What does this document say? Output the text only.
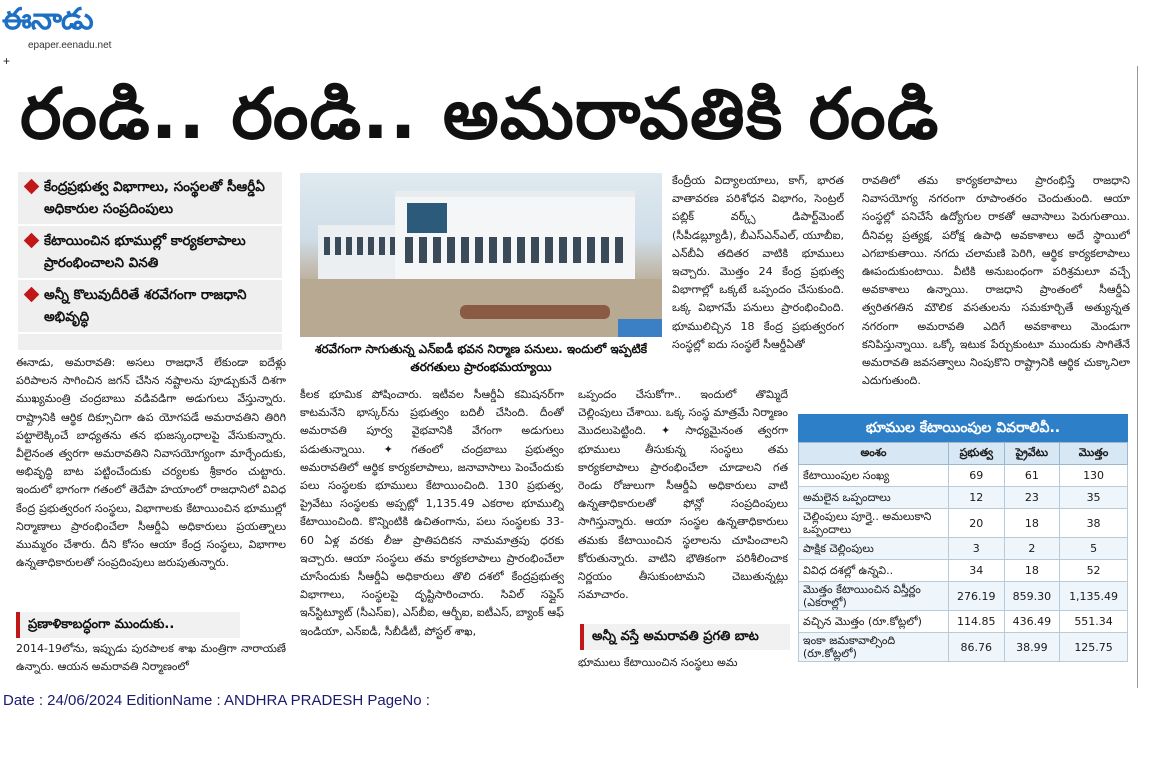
ఈనాడు
epaper.eenadu.net
+
రండి.. రండి.. అమరావతికి రండి
కేంద్రప్రభుత్వ విభాగాలు, సంస్థలతో సీఆర్డీఏ అధికారుల సంప్రదింపులు
కేటాయించిన భూముల్లో కార్యకలాపాలు ప్రారంభించాలని వినతి
అన్నీ కొలువుదీరితే శరవేగంగా రాజధాని అభివృద్ధి
శరవేగంగా సాగుతున్న ఎన్ఐడీ భవన నిర్మాణ పనులు. ఇందులో ఇప్పటికే తరగతులు ప్రారంభమయ్యాయి

ఈనాడు, అమరావతి: అసలు రాజధానే లేకుండా ఐదేళ్లు పరిపాలన సాగించిన జగన్ చేసిన నష్టాలను పూడ్చుకునే దిశగా ముఖ్యమంత్రి చంద్రబాబు వడివడిగా అడుగులు వేస్తున్నారు. రాష్ట్రానికి ఆర్థిక దిక్సూచిగా ఉప యోగపడే అమరావతిని తిరిగి పట్టాలెక్కించే బాధ్యతను తన భుజస్కంధాలపై వేసుకున్నారు. వీలైనంత త్వరగా అమరావతిని నివాసయోగ్యంగా మార్చేందుకు, అభివృద్ధి బాట పట్టించేందుకు చర్యలకు శ్రీకారం చుట్టారు. ఇందులో భాగంగా గతంలో తెదేపా హయాంలో రాజధానిలో వివిధ కేంద్ర ప్రభుత్వరంగ సంస్థలు, విభాగాలకు కేటాయించిన భూముల్లో నిర్మాణాలు ప్రారంభించేలా సీఆర్డీఏ అధికారులు ప్రయత్నాలు ముమ్మరం చేశారు. దీని కోసం ఆయా కేంద్ర సంస్థలు, విభాగాల ఉన్నతాధికారులతో సంప్రదింపులు జరుపుతున్నారు.

ప్రణాళికాబద్ధంగా ముందుకు..

2014-19లోను, ఇప్పుడు పురపాలక శాఖ మంత్రిగా నారాయణే ఉన్నారు. ఆయన అమరావతి నిర్మాణంలో

కీలక భూమిక పోషించారు. ఇటీవల సీఆర్డీఏ కమిషనర్‌గా కాటమనేని భాస్కర్‌ను ప్రభుత్వం బదిలీ చేసింది. దీంతో అమరావతి పూర్వ వైభవానికి వేగంగా అడుగులు పడుతున్నాయి. ✦ గతంలో చంద్రబాబు ప్రభుత్వం అమరావతిలో ఆర్థిక కార్యకలాపాలు, జనావాసాలు పెంచేందుకు పలు సంస్థలకు భూములు కేటాయించింది. 130 ప్రభుత్వ, ప్రైవేటు సంస్థలకు అప్పట్లో 1,135.49 ఎకరాల భూముల్ని కేటాయించింది. కొన్నింటికి ఉచితంగాను, పలు సంస్థలకు 33-60 ఏళ్ల వరకు లీజు ప్రాతిపదికన నామమాత్రపు ధరకు ఇచ్చారు. ఆయా సంస్థలు తమ కార్యకలాపాలు ప్రారంభించేలా చూసేందుకు సీఆర్డీఏ అధికారులు తొలి దశలో కేంద్రప్రభుత్వ విభాగాలు, సంస్థలపై దృష్టిసారించారు. సివిల్ సప్లైస్ ఇన్‌స్టిట్యూట్ (సీఎస్ఐ), ఎస్‌బీఐ, ఆర్బీఐ, ఐటీఎస్, బ్యాంక్ ఆఫ్ ఇండియా, ఎన్ఐడీ, సీబీడీటీ, పోస్టల్ శాఖ,

ఒప్పందం చేసుకోగా.. ఇందులో తొమ్మిదే చెల్లింపులు చేశాయి. ఒక్క సంస్థ మాత్రమే నిర్మాణం మొదలుపెట్టింది. ✦ సాధ్యమైనంత త్వరగా భూములు తీసుకున్న సంస్థలు తమ కార్యకలాపాలు ప్రారంభించేలా చూడాలని గత రెండు రోజులుగా సీఆర్డీఏ అధికారులు వాటి ఉన్నతాధికారులతో ఫోన్లో సంప్రదింపులు సాగిస్తున్నారు. ఆయా సంస్థల ఉన్నతాధికారులు తమకు కేటాయించిన స్థలాలను చూపించాలని కోరుతున్నారు. వాటిని భౌతికంగా పరిశీలించాక నిర్ణయం తీసుకుంటామని చెబుతున్నట్లు సమాచారం.

అన్నీ వస్తే అమరావతి ప్రగతి బాట

భూములు కేటాయించిన సంస్థలు అమ

కేంద్రీయ విద్యాలయాలు, కాగ్, భారత వాతావరణ పరిశోధన విభాగం, సెంట్రల్ పబ్లిక్ వర్క్స్ డిపార్ట్‌మెంట్ (సీపీడబ్ల్యూడీ), బీఎస్ఎన్ఎల్, యూబీఐ, ఎన్‌బీఏ తదితర వాటికి భూములు ఇచ్చారు. మొత్తం 24 కేంద్ర ప్రభుత్వ విభాగాల్లో ఒక్కటే ఒప్పందం చేసుకుంది. ఒక్క విభాగమే పనులు ప్రారంభించింది. భూములిచ్చిన 18 కేంద్ర ప్రభుత్వరంగ సంస్థల్లో ఐదు సంస్థలే సీఆర్డీఏతో

రావతిలో తమ కార్యకలాపాలు ప్రారంభిస్తే రాజధాని నివాసయోగ్య నగరంగా రూపాంతరం చెందుతుంది. ఆయా సంస్థల్లో పనిచేసే ఉద్యోగుల రాకతో ఆవాసాలు పెరుగుతాయి. దీనివల్ల ప్రత్యక్ష, పరోక్ష ఉపాధి అవకాశాలు అదే స్థాయిలో ఎగబాకుతాయి. నగదు చలామణి పెరిగి, ఆర్థిక కార్యకలాపాలు ఊపందుకుంటాయి. వీటికి అనుబంధంగా పరిశ్రమలూ వచ్చే అవకాశాలు ఉన్నాయి. రాజధాని ప్రాంతంలో సీఆర్డీఏ త్వరితగతిన మౌలిక వసతులను సమకూర్చితే అత్యున్నత నగరంగా అమరావతి ఎదిగే అవకాశాలు మెండుగా కనిపిస్తున్నాయి. ఒక్కో ఇటుక పేర్చుకుంటూ ముందుకు సాగితేనే అమరావతి జవసత్వాలు నింపుకొని రాష్ట్రానికి ఆర్థిక చుక్కానిలా ఎదుగుతుంది.

భూముల కేటాయింపుల వివరాలివీ..
అంశం	ప్రభుత్వ	ప్రైవేటు	మొత్తం
కేటాయింపుల సంఖ్య	69	61	130
అమలైన ఒప్పందాలు	12	23	35
చెల్లింపులు పూర్తై.. అమలుకాని ఒప్పందాలు	20	18	38
పాక్షిక చెల్లింపులు	3	2	5
వివిధ దశల్లో ఉన్నవి..	34	18	52
మొత్తం కేటాయించిన విస్తీర్ణం (ఎకరాల్లో)	276.19	859.30	1,135.49
వచ్చిన మొత్తం (రూ.కోట్లలో)	114.85	436.49	551.34
ఇంకా జమకావాల్సింది (రూ.కోట్లలో)	86.76	38.99	125.75
Date : 24/06/2024 EditionName : ANDHRA PRADESH PageNo :
